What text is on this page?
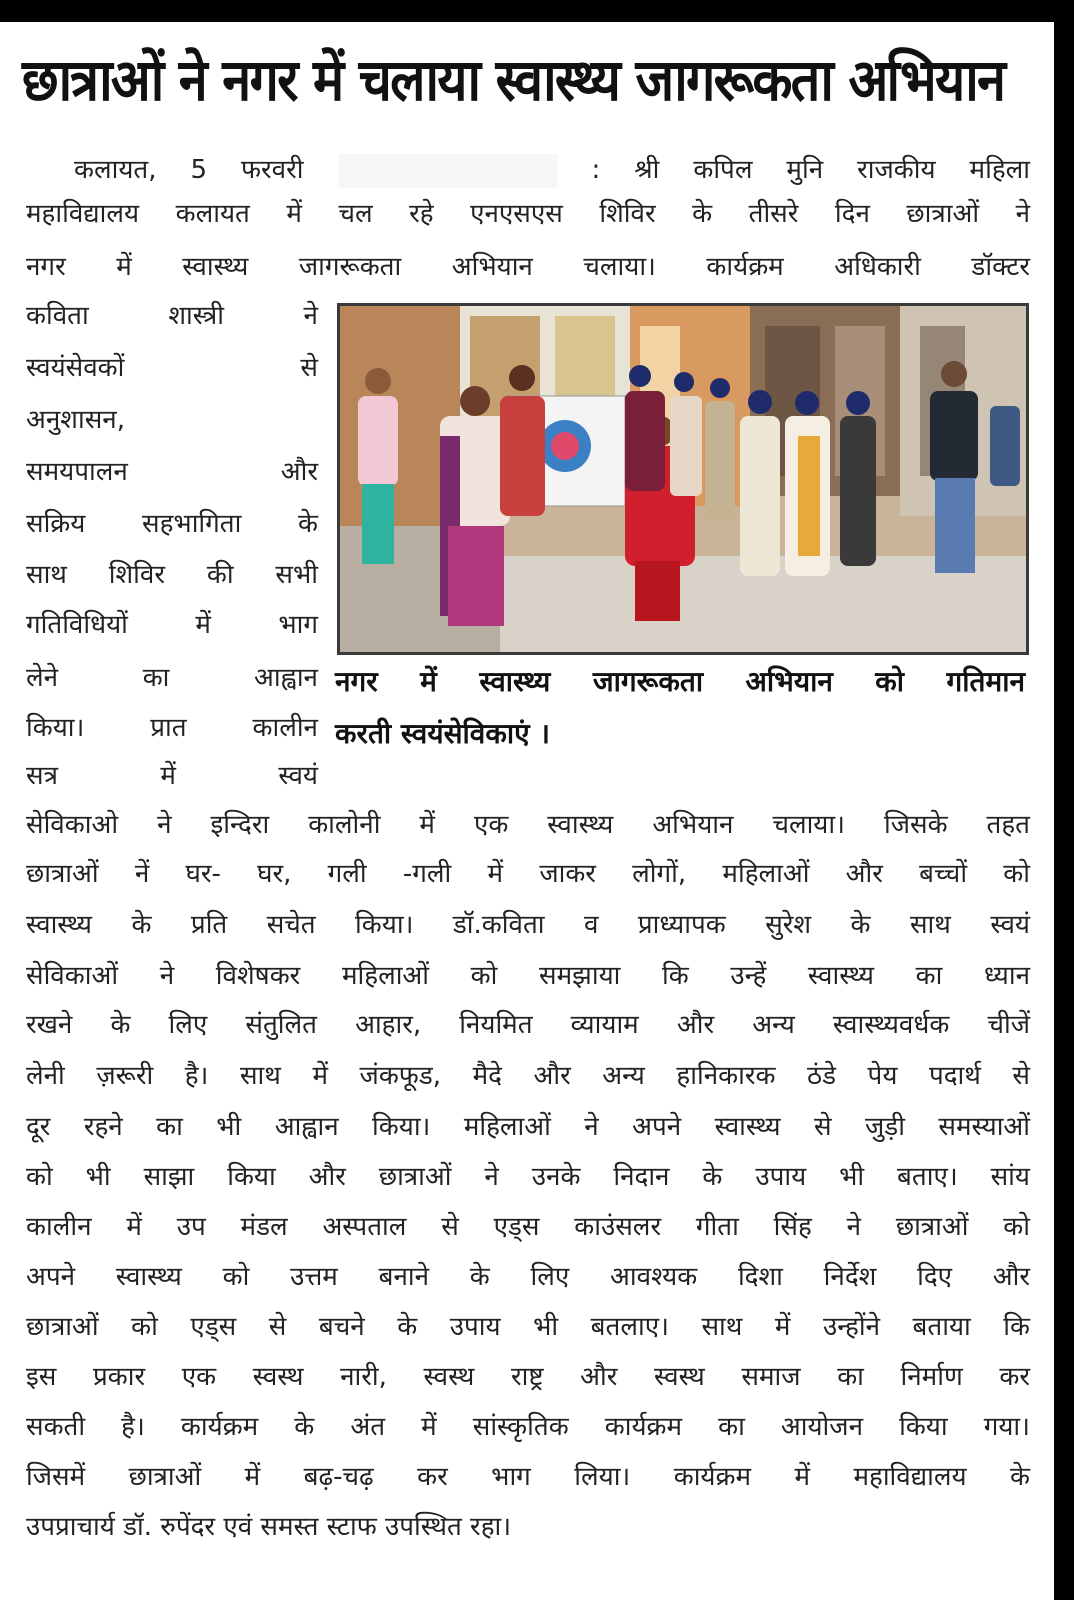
छात्राओं ने नगर में चलाया स्वास्थ्य जागरूकता अभियान
कलायत, 5 फरवरी	: श्री कपिल मुनि राजकीय महिला
महाविद्यालय कलायत में चल रहे एनएसएस शिविर के तीसरे दिन छात्राओं ने
नगर में स्वास्थ्य जागरूकता अभियान चलाया। कार्यक्रम अधिकारी डॉक्टर
कविता शास्त्री ने
स्वयंसेवकों से
अनुशासन,
समयपालन और
सक्रिय सहभागिता के
साथ शिविर की सभी
गतिविधियों में भाग
लेने का आह्वान
किया। प्रात कालीन
सत्र में स्वयं
नगर में स्वास्थ्य जागरूकता अभियान को गतिमान
करती स्वयंसेविकाएं ।
सेविकाओ ने इन्दिरा कालोनी में एक स्वास्थ्य अभियान चलाया। जिसके तहत
छात्राओं नें घर- घर, गली -गली में जाकर लोगों, महिलाओं और बच्चों को
स्वास्थ्य के प्रति सचेत किया। डॉ.कविता व प्राध्यापक सुरेश के साथ स्वयं
सेविकाओं ने विशेषकर महिलाओं को समझाया कि उन्हें स्वास्थ्य का ध्यान
रखने के लिए संतुलित आहार, नियमित व्यायाम और अन्य स्वास्थ्यवर्धक चीजें
लेनी ज़रूरी है। साथ में जंकफूड, मैदे और अन्य हानिकारक ठंडे पेय पदार्थ से
दूर रहने का भी आह्वान किया। महिलाओं ने अपने स्वास्थ्य से जुड़ी समस्याओं
को भी साझा किया और छात्राओं ने उनके निदान के उपाय भी बताए। सांय
कालीन में उप मंडल अस्पताल से एड्स काउंसलर गीता सिंह ने छात्राओं को
अपने स्वास्थ्य को उत्तम बनाने के लिए आवश्यक दिशा निर्देश दिए और
छात्राओं को एड्स से बचने के उपाय भी बतलाए। साथ में उन्होंने बताया कि
इस प्रकार एक स्वस्थ नारी, स्वस्थ राष्ट्र और स्वस्थ समाज का निर्माण कर
सकती है। कार्यक्रम के अंत में सांस्कृतिक कार्यक्रम का आयोजन किया गया।
जिसमें छात्राओं में बढ़-चढ़ कर भाग लिया। कार्यक्रम में महाविद्यालय के
उपप्राचार्य डॉ. रुपेंदर एवं समस्त स्टाफ उपस्थित रहा।
